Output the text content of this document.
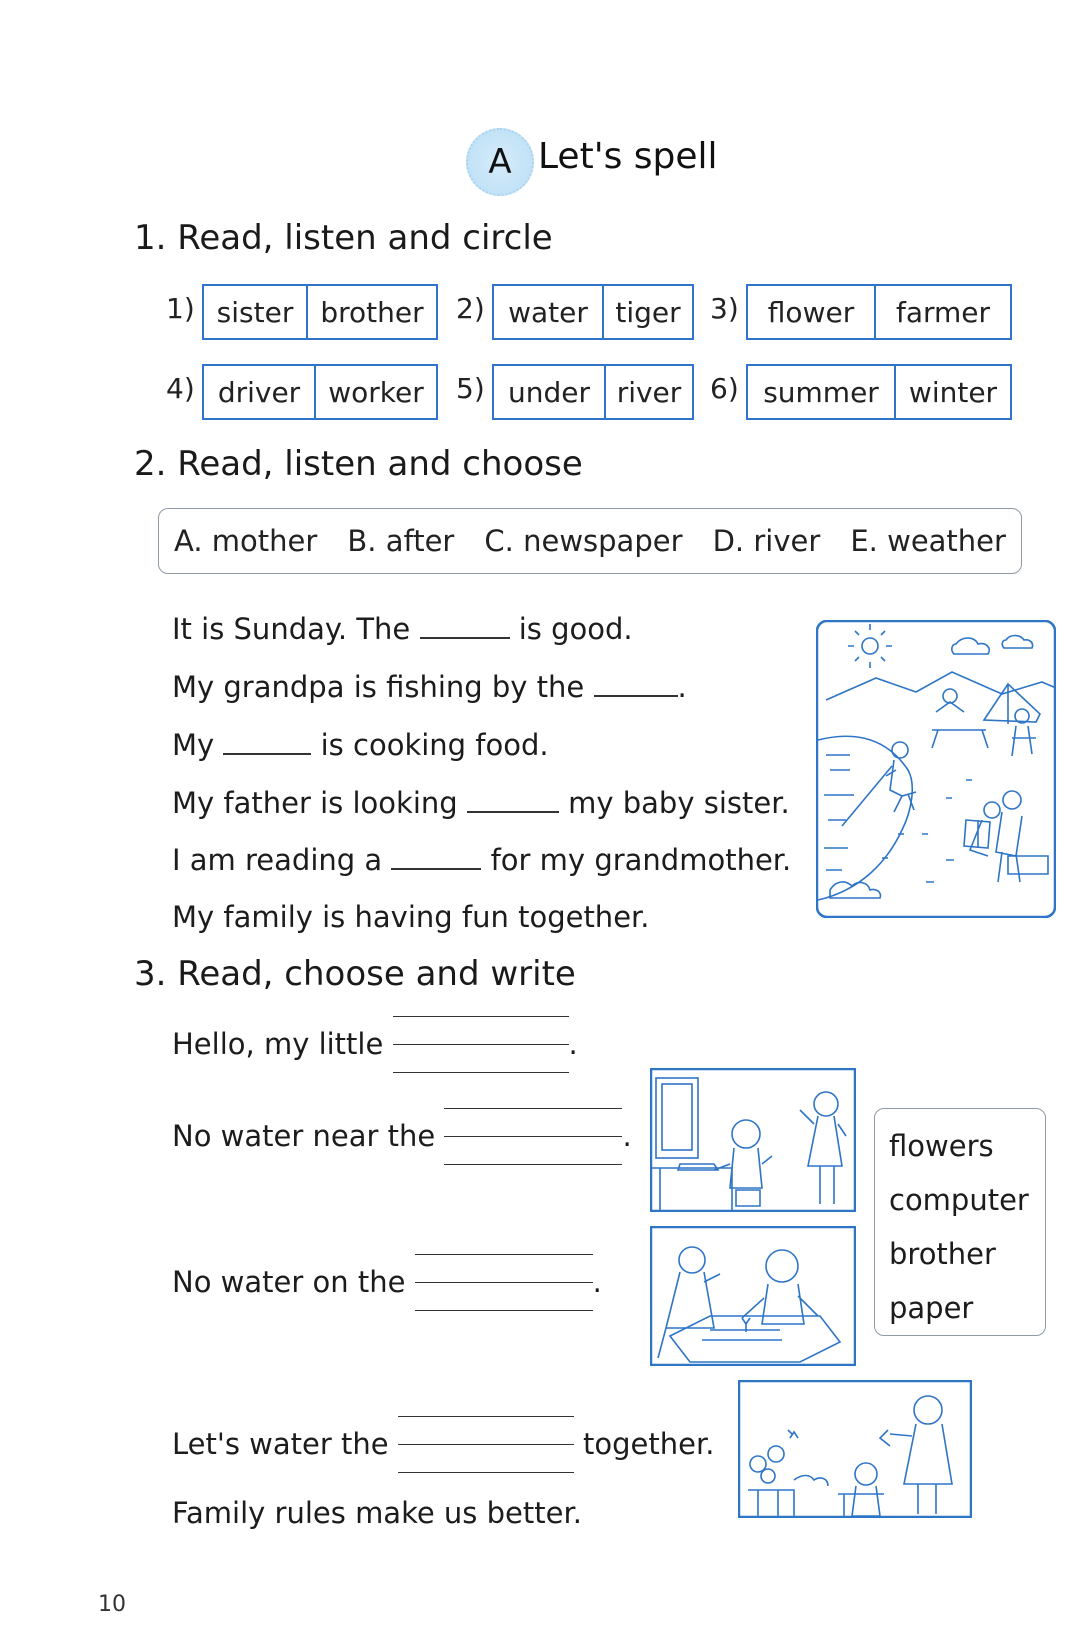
A Let's spell
1. Read, listen and circle
1) sister brother	2) water tiger	3)	flower	farmer
4) driver	worker	5) under river	6) summer	winter
2. Read, listen and choose
A. mother B. after C. newspaper D. river E. weather
It is Sunday. The	is good.
My grandpa is fishing by the	.
My	is cooking food.
My father is looking	my baby sister.
I am reading a	for my grandmother.
My family is having fun together.
3. Read, choose and write
Hello, my little	.
No water near the	.
No water on the	.
Let's water the	together.
Family rules make us better.
flowers
computer
brother
paper
10
